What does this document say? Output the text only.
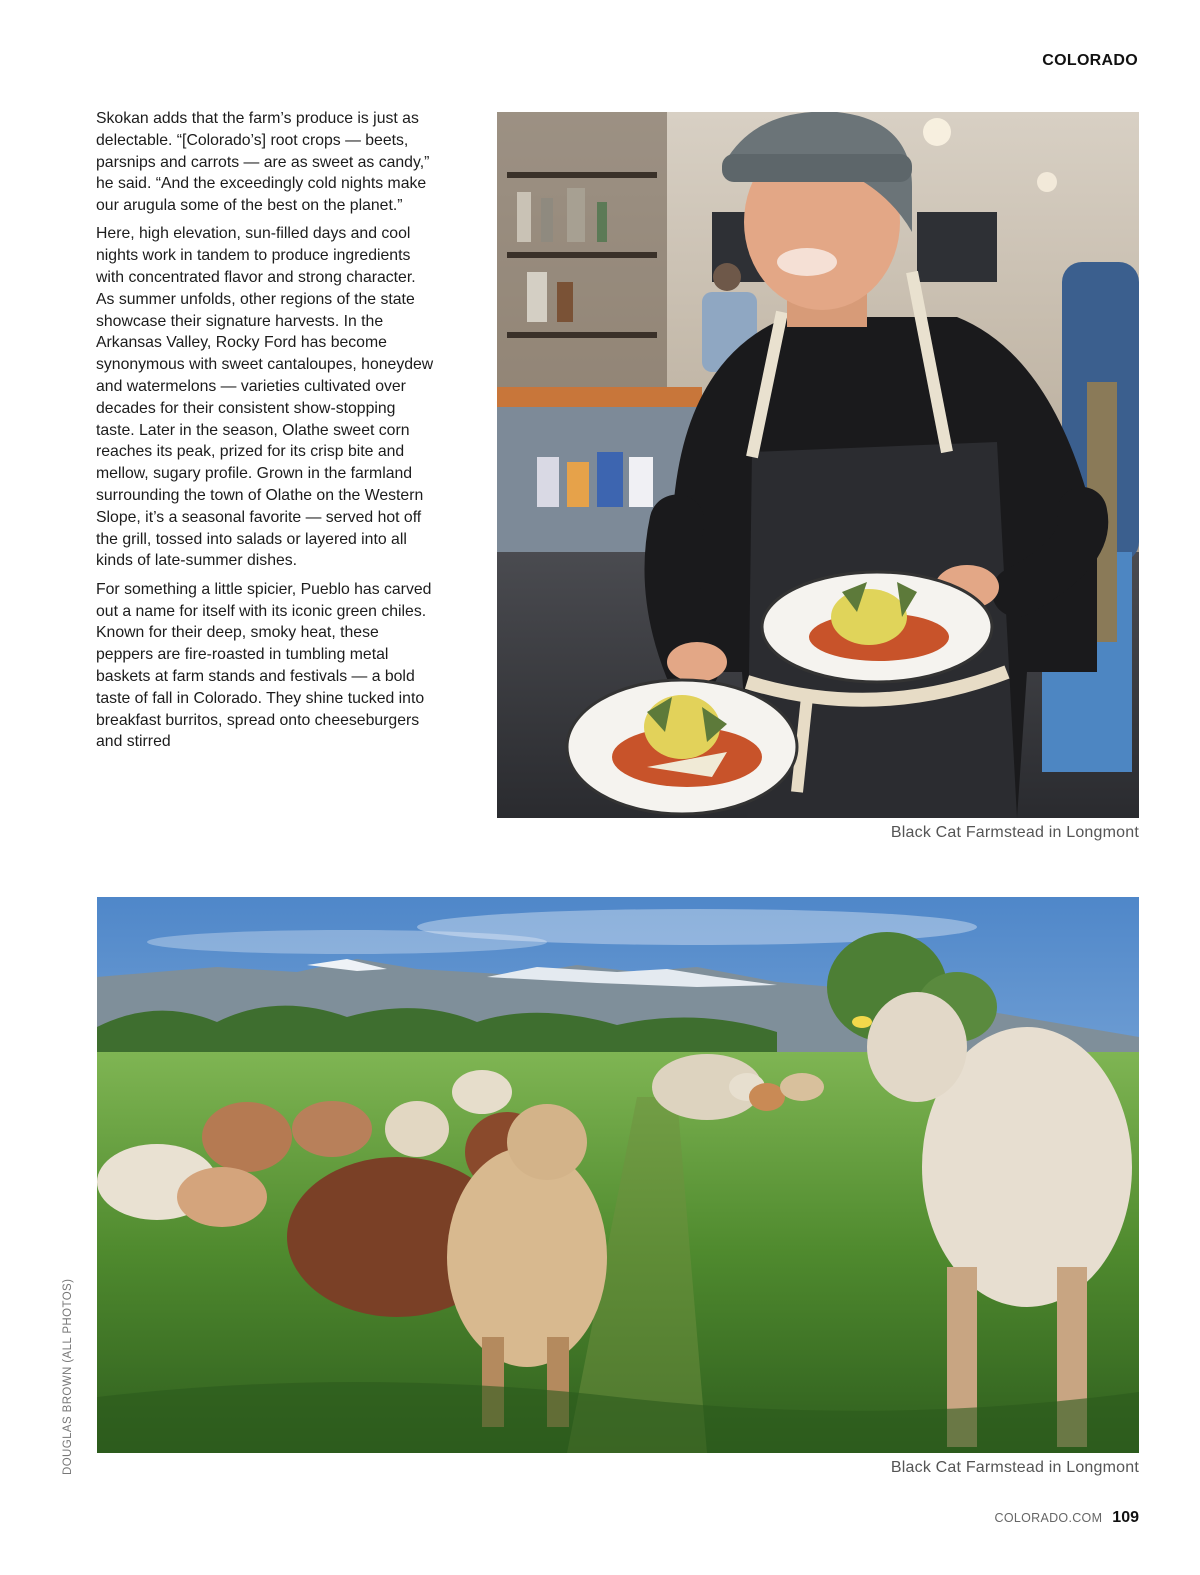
COLORADO

Skokan adds that the farm’s produce is just as delectable. “[Colorado’s] root crops — beets, parsnips and carrots — are as sweet as candy,” he said. “And the exceedingly cold nights make our arugula some of the best on the planet.”

Here, high elevation, sun-filled days and cool nights work in tandem to produce ingredients with concentrated flavor and strong character. As summer unfolds, other regions of the state showcase their signature harvests. In the Arkansas Valley, Rocky Ford has become synonymous with sweet cantaloupes, honeydew and watermelons — varieties cultivated over decades for their consistent show-stopping taste. Later in the season, Olathe sweet corn reaches its peak, prized for its crisp bite and mellow, sugary profile. Grown in the farmland surrounding the town of Olathe on the Western Slope, it’s a seasonal favorite — served hot off the grill, tossed into salads or layered into all kinds of late-summer dishes.

For something a little spicier, Pueblo has carved out a name for itself with its iconic green chiles. Known for their deep, smoky heat, these peppers are fire-roasted in tumbling metal baskets at farm stands and festivals — a bold taste of fall in Colorado. They shine tucked into breakfast burritos, spread onto cheeseburgers and stirred

Black Cat Farmstead in Longmont
Black Cat Farmstead in Longmont
DOUGLAS BROWN (ALL PHOTOS)
COLORADO.COM 109
